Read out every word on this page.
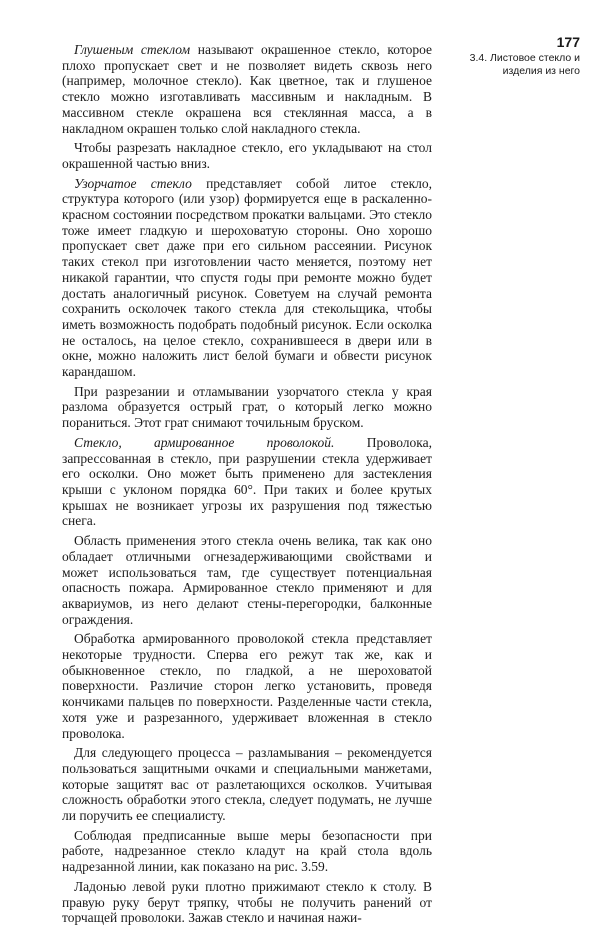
177
3.4. Листовое стекло и изделия из него

Глушеным стеклом называют окрашенное стекло, которое плохо пропускает свет и не позволяет видеть сквозь него (например, молочное стекло). Как цветное, так и глушеное стекло можно изготавливать массивным и накладным. В массивном стекле окрашена вся стеклянная масса, а в накладном окрашен только слой накладного стекла.

Чтобы разрезать накладное стекло, его укладывают на стол окрашенной частью вниз.

Узорчатое стекло представляет собой литое стекло, структура которого (или узор) формируется еще в раскаленно-красном состоянии посредством прокатки вальцами. Это стекло тоже имеет гладкую и шероховатую стороны. Оно хорошо пропускает свет даже при его сильном рассеянии. Рисунок таких стекол при изготовлении часто меняется, поэтому нет никакой гарантии, что спустя годы при ремонте можно будет достать аналогичный рисунок. Советуем на случай ремонта сохранить осколочек такого стекла для стекольщика, чтобы иметь возможность подобрать подобный рисунок. Если осколка не осталось, на целое стекло, сохранившееся в двери или в окне, можно наложить лист белой бумаги и обвести рисунок карандашом.

При разрезании и отламывании узорчатого стекла у края разлома образуется острый грат, о который легко можно пораниться. Этот грат снимают точильным бруском.

Стекло, армированное проволокой. Проволока, запрессованная в стекло, при разрушении стекла удерживает его осколки. Оно может быть применено для застекления крыши с уклоном порядка 60°. При таких и более крутых крышах не возникает угрозы их разрушения под тяжестью снега.

Область применения этого стекла очень велика, так как оно обладает отличными огнезадерживающими свойствами и может использоваться там, где существует потенциальная опасность пожара. Армированное стекло применяют и для аквариумов, из него делают стены-перегородки, балконные ограждения.

Обработка армированного проволокой стекла представляет некоторые трудности. Сперва его режут так же, как и обыкновенное стекло, по гладкой, а не шероховатой поверхности. Различие сторон легко установить, проведя кончиками пальцев по поверхности. Разделенные части стекла, хотя уже и разрезанного, удерживает вложенная в стекло проволока.

Для следующего процесса – разламывания – рекомендуется пользоваться защитными очками и специальными манжетами, которые защитят вас от разлетающихся осколков. Учитывая сложность обработки этого стекла, следует подумать, не лучше ли поручить ее специалисту.

Соблюдая предписанные выше меры безопасности при работе, надрезанное стекло кладут на край стола вдоль надрезанной линии, как показано на рис. 3.59.

Ладонью левой руки плотно прижимают стекло к столу. В правую руку берут тряпку, чтобы не получить ранений от торчащей проволоки. Зажав стекло и начиная нажи-
